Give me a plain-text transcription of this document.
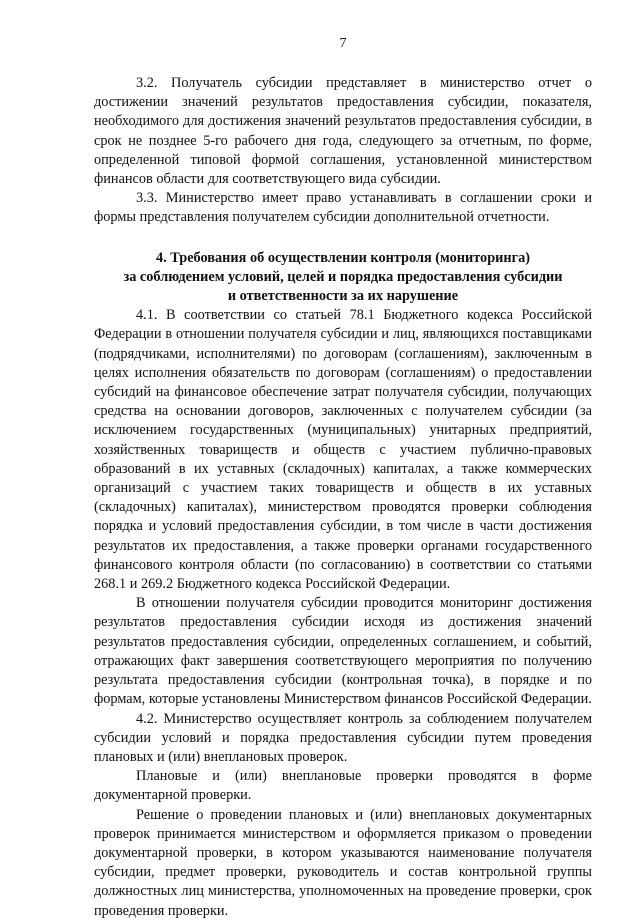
7

3.2. Получатель субсидии представляет в министерство отчет о достижении значений результатов предоставления субсидии, показателя, необходимого для достижения значений результатов предоставления субсидии, в срок не позднее 5-го рабочего дня года, следующего за отчетным, по форме, определенной типовой формой соглашения, установленной министерством финансов области для соответствующего вида субсидии.

3.3. Министерство имеет право устанавливать в соглашении сроки и формы представления получателем субсидии дополнительной отчетности.

4. Требования об осуществлении контроля (мониторинга)
за соблюдением условий, целей и порядка предоставления субсидии
и ответственности за их нарушение

4.1. В соответствии со статьей 78.1 Бюджетного кодекса Российской Федерации в отношении получателя субсидии и лиц, являющихся поставщиками (подрядчиками, исполнителями) по договорам (соглашениям), заключенным в целях исполнения обязательств по договорам (соглашениям) о предоставлении субсидий на финансовое обеспечение затрат получателя субсидии, получающих средства на основании договоров, заключенных с получателем субсидии (за исключением государственных (муниципальных) унитарных предприятий, хозяйственных товариществ и обществ с участием публично-правовых образований в их уставных (складочных) капиталах, а также коммерческих организаций с участием таких товариществ и обществ в их уставных (складочных) капиталах), министерством проводятся проверки соблюдения порядка и условий предоставления субсидии, в том числе в части достижения результатов их предоставления, а также проверки органами государственного финансового контроля области (по согласованию) в соответствии со статьями 268.1 и 269.2 Бюджетного кодекса Российской Федерации.

В отношении получателя субсидии проводится мониторинг достижения результатов предоставления субсидии исходя из достижения значений результатов предоставления субсидии, определенных соглашением, и событий, отражающих факт завершения соответствующего мероприятия по получению результата предоставления субсидии (контрольная точка), в порядке и по формам, которые установлены Министерством финансов Российской Федерации.

4.2. Министерство осуществляет контроль за соблюдением получателем субсидии условий и порядка предоставления субсидии путем проведения плановых и (или) внеплановых проверок.

Плановые и (или) внеплановые проверки проводятся в форме документарной проверки.

Решение о проведении плановых и (или) внеплановых документарных проверок принимается министерством и оформляется приказом о проведении документарной проверки, в котором указываются наименование получателя субсидии, предмет проверки, руководитель и состав контрольной группы должностных лиц министерства, уполномоченных на проведение проверки, срок проведения проверки.
